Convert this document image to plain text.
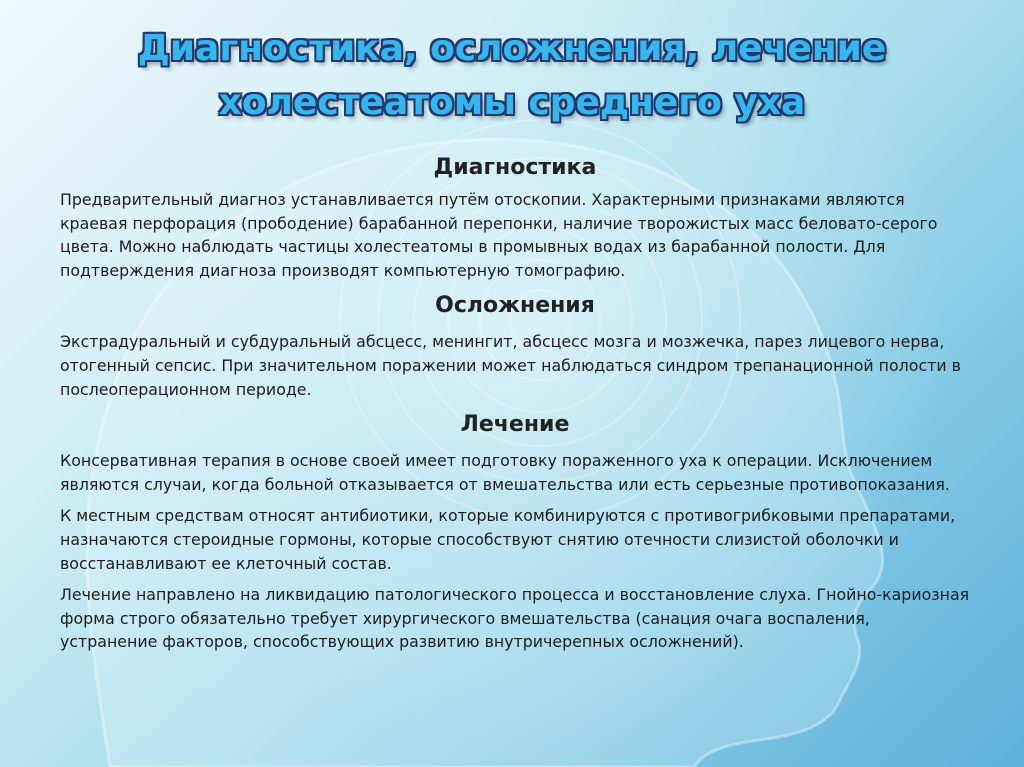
Диагностика, осложнения, лечение холестеатомы среднего уха
Диагностика

Предварительный диагноз устанавливается путём отоскопии. Характерными признаками являются краевая перфорация (прободение) барабанной перепонки, наличие творожистых масс беловато-серого цвета. Можно наблюдать частицы холестеатомы в промывных водах из барабанной полости. Для подтверждения диагноза производят компьютерную томографию.

Осложнения

Экстрадуральный и субдуральный абсцесс, менингит, абсцесс мозга и мозжечка, парез лицевого нерва, отогенный сепсис. При значительном поражении может наблюдаться синдром трепанационной полости в послеоперационном периоде.

Лечение

Консервативная терапия в основе своей имеет подготовку пораженного уха к операции. Исключением являются случаи, когда больной отказывается от вмешательства или есть серьезные противопоказания.

К местным средствам относят антибиотики, которые комбинируются с противогрибковыми препаратами, назначаются стероидные гормоны, которые способствуют снятию отечности слизистой оболочки и восстанавливают ее клеточный состав.

Лечение направлено на ликвидацию патологического процесса и восстановление слуха. Гнойно-кариозная форма строго обязательно требует хирургического вмешательства (санация очага воспаления, устранение факторов, способствующих развитию внутричерепных осложнений).
